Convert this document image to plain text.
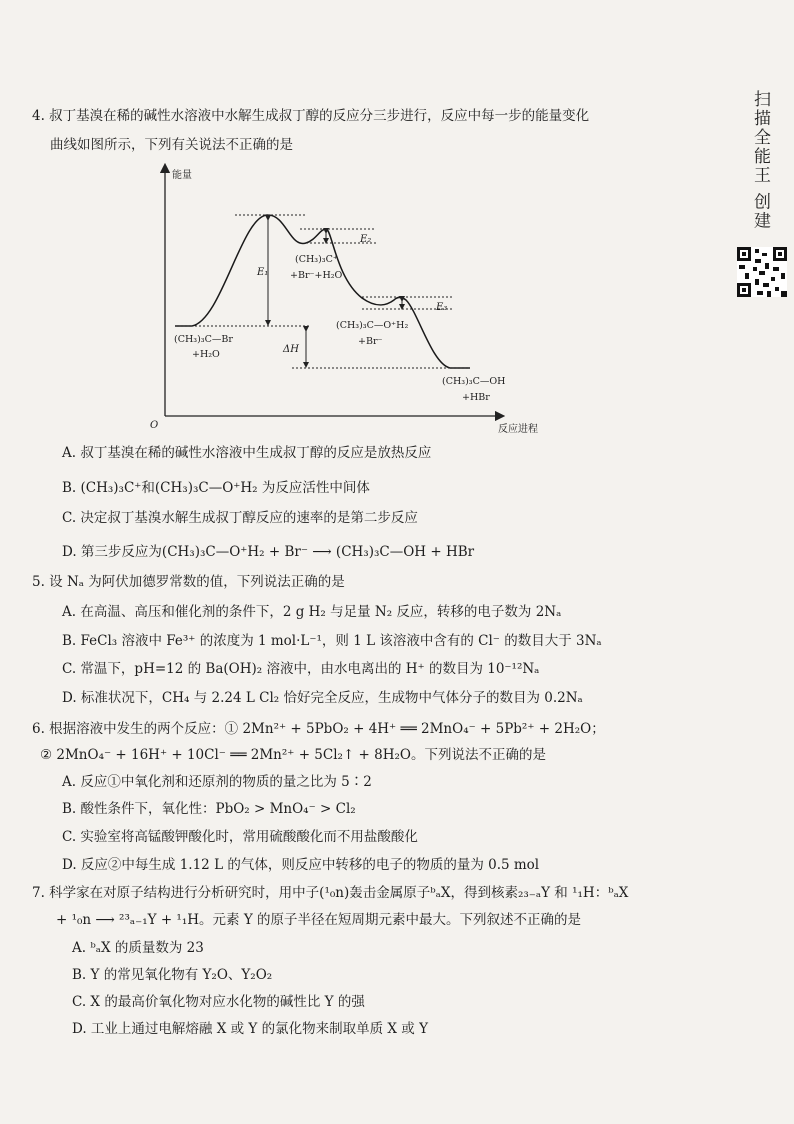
扫描全能王 创建
4. 叔丁基溴在稀的碱性水溶液中水解生成叔丁醇的反应分三步进行，反应中每一步的能量变化
曲线如图所示，下列有关说法不正确的是
能量
反应进程
O
E₁
E₂
E₃
ΔH
(CH₃)₃C—Br
+H₂O
(CH₃)₃C⁺
+Br⁻+H₂O
(CH₃)₃C—O⁺H₂
+Br⁻
(CH₃)₃C—OH
+HBr
A. 叔丁基溴在稀的碱性水溶液中生成叔丁醇的反应是放热反应
B. (CH₃)₃C⁺和(CH₃)₃C—O⁺H₂ 为反应活性中间体
C. 决定叔丁基溴水解生成叔丁醇反应的速率的是第二步反应
D. 第三步反应为(CH₃)₃C—O⁺H₂ + Br⁻ ⟶ (CH₃)₃C—OH + HBr
5. 设 Nₐ 为阿伏加德罗常数的值，下列说法正确的是
A. 在高温、高压和催化剂的条件下，2 g H₂ 与足量 N₂ 反应，转移的电子数为 2Nₐ
B. FeCl₃ 溶液中 Fe³⁺ 的浓度为 1 mol·L⁻¹，则 1 L 该溶液中含有的 Cl⁻ 的数目大于 3Nₐ
C. 常温下，pH=12 的 Ba(OH)₂ 溶液中，由水电离出的 H⁺ 的数目为 10⁻¹²Nₐ
D. 标准状况下，CH₄ 与 2.24 L Cl₂ 恰好完全反应，生成物中气体分子的数目为 0.2Nₐ
6. 根据溶液中发生的两个反应：① 2Mn²⁺ + 5PbO₂ + 4H⁺ ══ 2MnO₄⁻ + 5Pb²⁺ + 2H₂O；
② 2MnO₄⁻ + 16H⁺ + 10Cl⁻ ══ 2Mn²⁺ + 5Cl₂↑ + 8H₂O。下列说法不正确的是
A. 反应①中氧化剂和还原剂的物质的量之比为 5∶2
B. 酸性条件下，氧化性：PbO₂ > MnO₄⁻ > Cl₂
C. 实验室将高锰酸钾酸化时，常用硫酸酸化而不用盐酸酸化
D. 反应②中每生成 1.12 L 的气体，则反应中转移的电子的物质的量为 0.5 mol
7. 科学家在对原子结构进行分析研究时，用中子(¹₀n)轰击金属原子ᵇₐX，得到核素₂₃₋ₐY 和 ¹₁H：ᵇₐX
+ ¹₀n ⟶ ²³ₐ₋₁Y + ¹₁H。元素 Y 的原子半径在短周期元素中最大。下列叙述不正确的是
A. ᵇₐX 的质量数为 23
B. Y 的常见氧化物有 Y₂O、Y₂O₂
C. X 的最高价氧化物对应水化物的碱性比 Y 的强
D. 工业上通过电解熔融 X 或 Y 的氯化物来制取单质 X 或 Y
